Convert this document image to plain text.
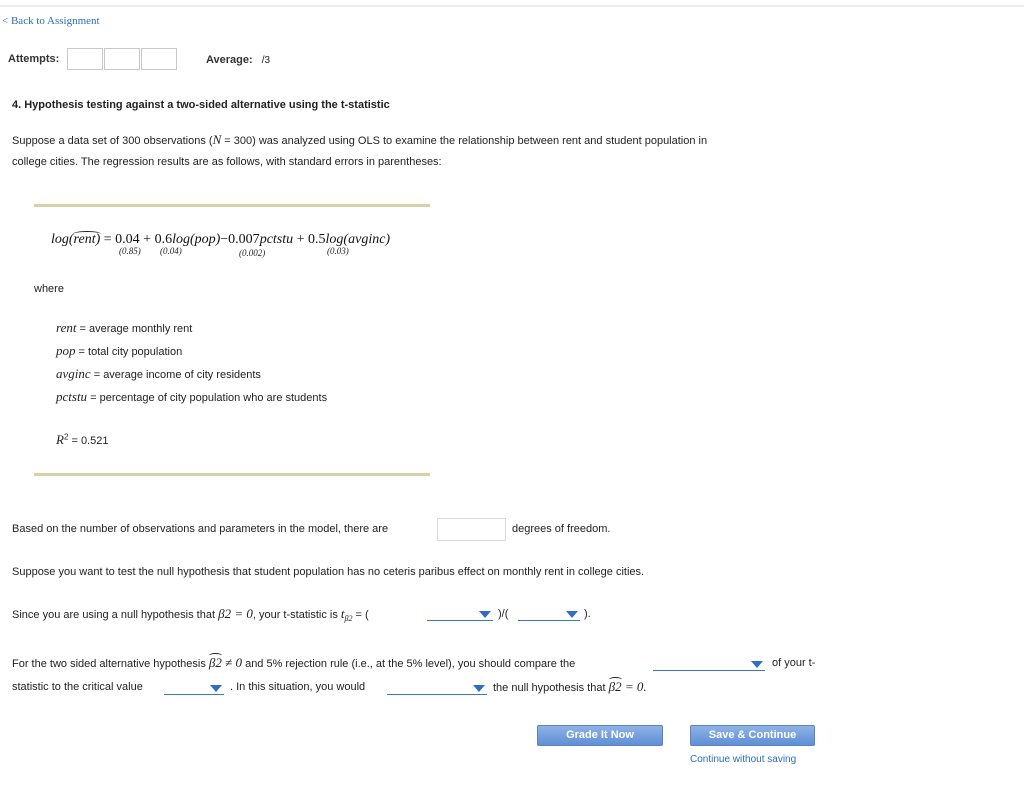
< Back to Assignment
Attempts:	Average: /3
4. Hypothesis testing against a two-sided alternative using the t-statistic
Suppose a data set of 300 observations (N = 300) was analyzed using OLS to examine the relationship between rent and student population in
college cities. The regression results are as follows, with standard errors in parentheses:
log(rent) = 0.04 + 0.6log(pop)−0.007pctstu + 0.5log(avginc)
(0.85) (0.04)	(0.002)	(0.03)
where
rent = average monthly rent
pop = total city population
avginc = average income of city residents
pctstu = percentage of city population who are students
$R^2 = 0.521$
Based on the number of observations and parameters in the model, there are	degrees of freedom.
Suppose you want to test the null hypothesis that student population has no ceteris paribus effect on monthly rent in college cities.
Since you are using a null hypothesis that β2 = 0, your t-statistic is $t_{\beta 2}$ = (	)/(	).
For the two sided alternative hypothesis β2 ≠ 0 and 5% rejection rule (i.e., at the 5% level), you should compare the	of your t-
statistic to the critical value	. In this situation, you would	the null hypothesis that β2 = 0.
Grade It Now	Save & Continue
Continue without saving
